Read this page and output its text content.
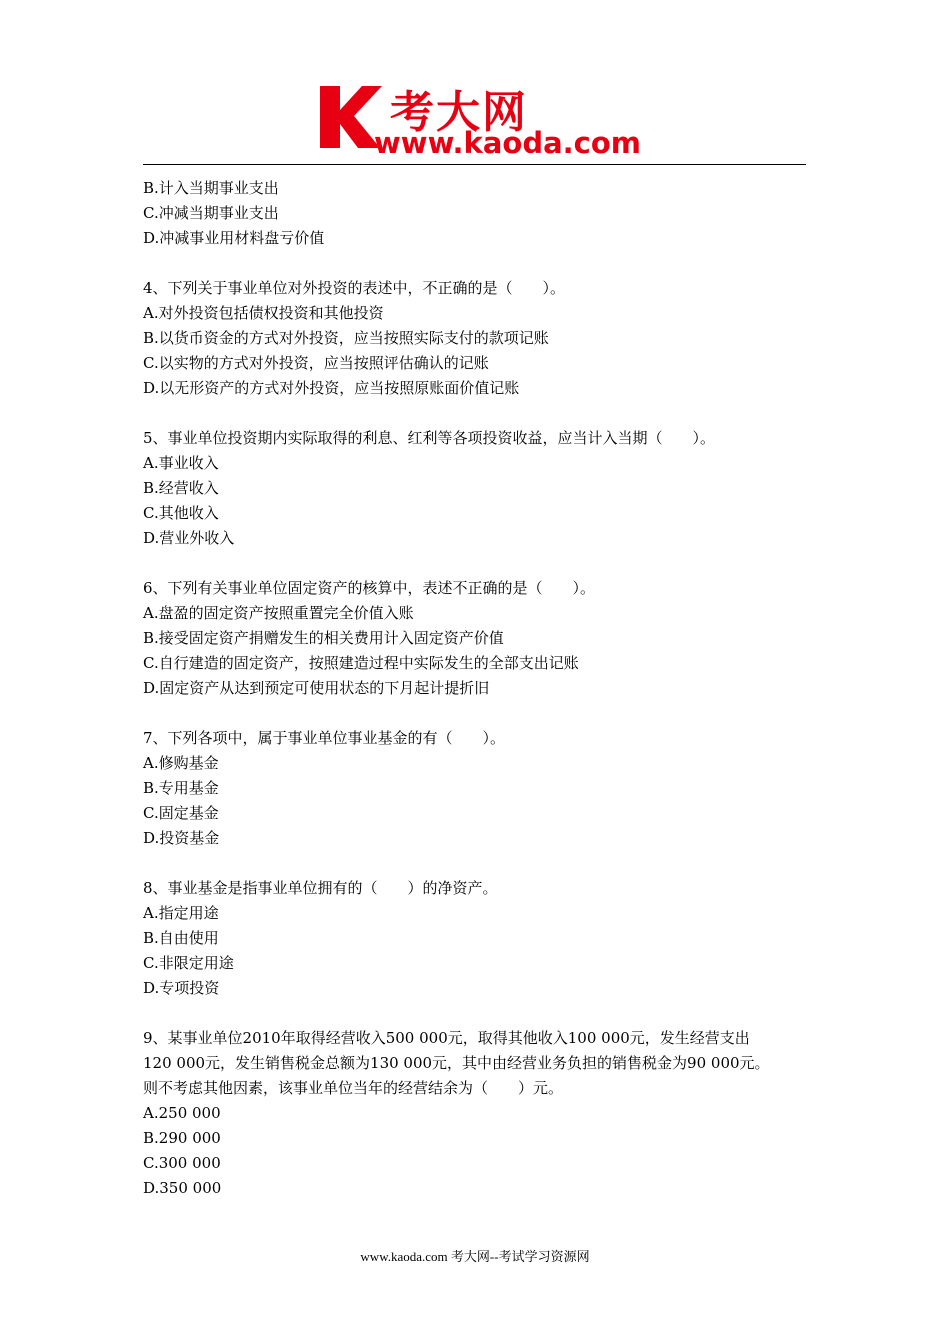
考大网
www.kaoda.com
B.计入当期事业支出
C.冲减当期事业支出
D.冲减事业用材料盘亏价值
4、下列关于事业单位对外投资的表述中，不正确的是（　　）。
A.对外投资包括债权投资和其他投资
B.以货币资金的方式对外投资，应当按照实际支付的款项记账
C.以实物的方式对外投资，应当按照评估确认的记账
D.以无形资产的方式对外投资，应当按照原账面价值记账
5、事业单位投资期内实际取得的利息、红利等各项投资收益，应当计入当期（　　）。
A.事业收入
B.经营收入
C.其他收入
D.营业外收入
6、下列有关事业单位固定资产的核算中，表述不正确的是（　　）。
A.盘盈的固定资产按照重置完全价值入账
B.接受固定资产捐赠发生的相关费用计入固定资产价值
C.自行建造的固定资产，按照建造过程中实际发生的全部支出记账
D.固定资产从达到预定可使用状态的下月起计提折旧
7、下列各项中，属于事业单位事业基金的有（　　）。
A.修购基金
B.专用基金
C.固定基金
D.投资基金
8、事业基金是指事业单位拥有的（　　）的净资产。
A.指定用途
B.自由使用
C.非限定用途
D.专项投资
9、某事业单位2010年取得经营收入500 000元，取得其他收入100 000元，发生经营支出
120 000元，发生销售税金总额为130 000元，其中由经营业务负担的销售税金为90 000元。
则不考虑其他因素，该事业单位当年的经营结余为（　　）元。
A.250 000
B.290 000
C.300 000
D.350 000
www.kaoda.com 考大网--考试学习资源网
